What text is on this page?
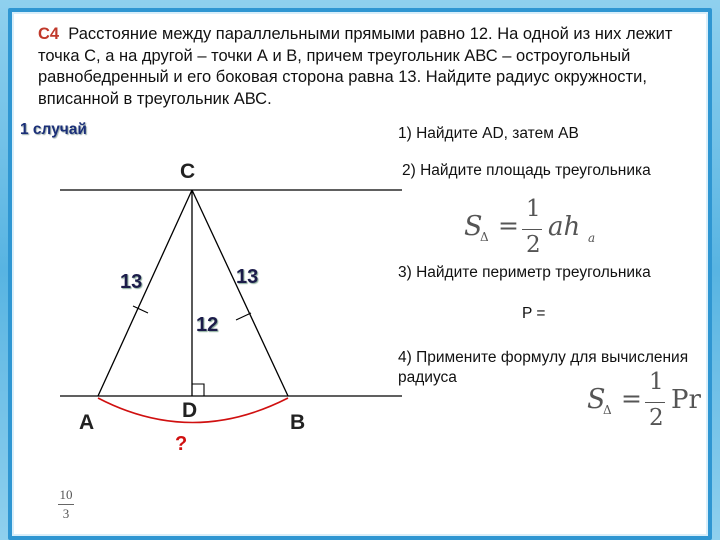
C4 Расстояние между параллельными прямыми равно 12. На одной из них лежит точка С, а на другой – точки А и В, причем треугольник АВС – остроугольный равнобедренный и его боковая сторона равна 13. Найдите радиус окружности, вписанной в треугольник АВС.

1 случай
C
A	B
D
13	13
12
?
1) Найдите AD, затем АВ
2) Найдите площадь треугольника
3) Найдите периметр треугольника
P =
4) Примените формулу для вычисления радиуса
S
Δ =
1
2
ah a
S
Δ =
1
2
Pr
10
3
